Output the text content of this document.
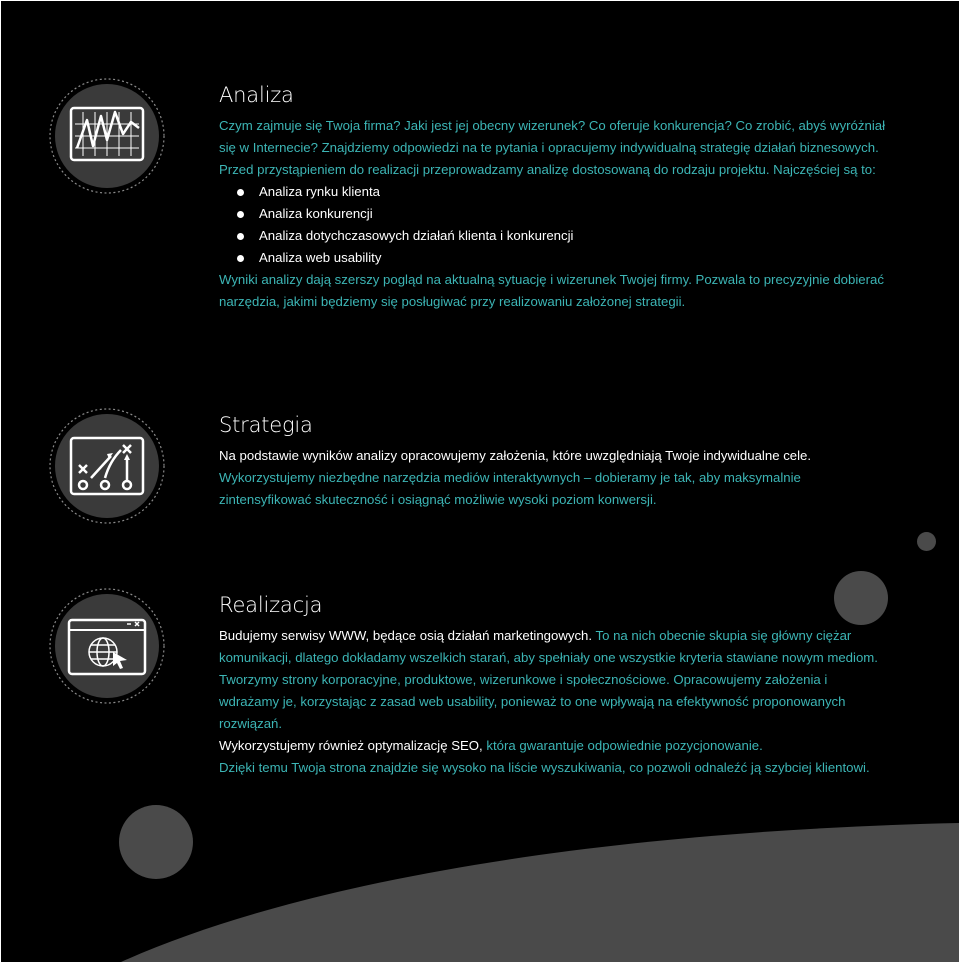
Analiza

Czym zajmuje się Twoja firma? Jaki jest jej obecny wizerunek? Co oferuje konkurencja? Co zrobić, abyś wyróżniał się w Internecie? Znajdziemy odpowiedzi na te pytania i opracujemy indywidualną strategię działań biznesowych. Przed przystąpieniem do realizacji przeprowadzamy analizę dostosowaną do rodzaju projektu. Najczęściej są to:

Analiza rynku klienta
Analiza konkurencji
Analiza dotychczasowych działań klienta i konkurencji
Analiza web usability

Wyniki analizy dają szerszy pogląd na aktualną sytuację i wizerunek Twojej firmy. Pozwala to precyzyjnie dobierać narzędzia, jakimi będziemy się posługiwać przy realizowaniu założonej strategii.

Strategia

Na podstawie wyników analizy opracowujemy założenia, które uwzględniają Twoje indywidualne cele.

Wykorzystujemy niezbędne narzędzia mediów interaktywnych – dobieramy je tak, aby maksymalnie zintensyfikować skuteczność i osiągnąć możliwie wysoki poziom konwersji.

Realizacja

Budujemy serwisy WWW, będące osią działań marketingowych. To na nich obecnie skupia się główny ciężar komunikacji, dlatego dokładamy wszelkich starań, aby spełniały one wszystkie kryteria stawiane nowym mediom. Tworzymy strony korporacyjne, produktowe, wizerunkowe i społecznościowe. Opracowujemy założenia i wdrażamy je, korzystając z zasad web usability, ponieważ to one wpływają na efektywność proponowanych rozwiązań.

Wykorzystujemy również optymalizację SEO, która gwarantuje odpowiednie pozycjonowanie.

Dzięki temu Twoja strona znajdzie się wysoko na liście wyszukiwania, co pozwoli odnaleźć ją szybciej klientowi.
